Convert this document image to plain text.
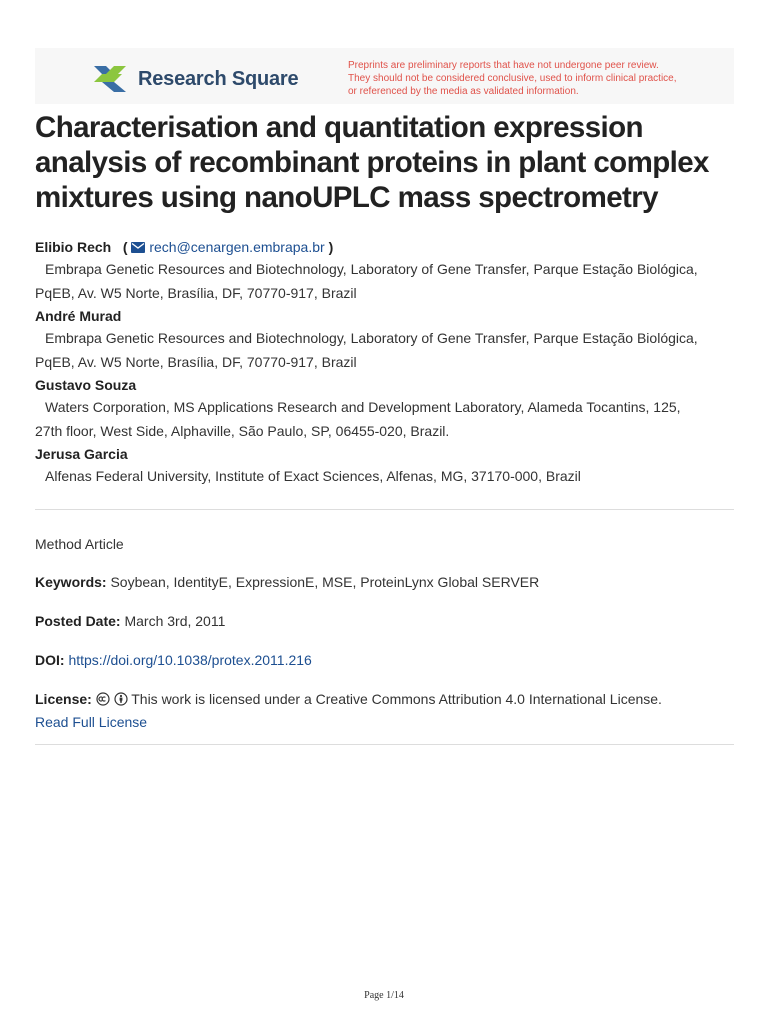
Research Square
Preprints are preliminary reports that have not undergone peer review.
They should not be considered conclusive, used to inform clinical practice,
or referenced by the media as validated information.
Characterisation and quantitation expression
analysis of recombinant proteins in plant complex
mixtures using nanoUPLC mass spectrometry
Elibio Rech   ( rech@cenargen.embrapa.br )
Embrapa Genetic Resources and Biotechnology, Laboratory of Gene Transfer, Parque Estação Biológica,
PqEB, Av. W5 Norte, Brasília, DF, 70770-917, Brazil
André Murad
Embrapa Genetic Resources and Biotechnology, Laboratory of Gene Transfer, Parque Estação Biológica,
PqEB, Av. W5 Norte, Brasília, DF, 70770-917, Brazil
Gustavo Souza
Waters Corporation, MS Applications Research and Development Laboratory, Alameda Tocantins, 125,
27th floor, West Side, Alphaville, São Paulo, SP, 06455-020, Brazil.
Jerusa Garcia
Alfenas Federal University, Institute of Exact Sciences, Alfenas, MG, 37170-000, Brazil
Method Article
Keywords: Soybean, IdentityE, ExpressionE, MSE, ProteinLynx Global SERVER
Posted Date: March 3rd, 2011
DOI: https://doi.org/10.1038/protex.2011.216
License:	This work is licensed under a Creative Commons Attribution 4.0 International License.
Read Full License
Page 1/14
